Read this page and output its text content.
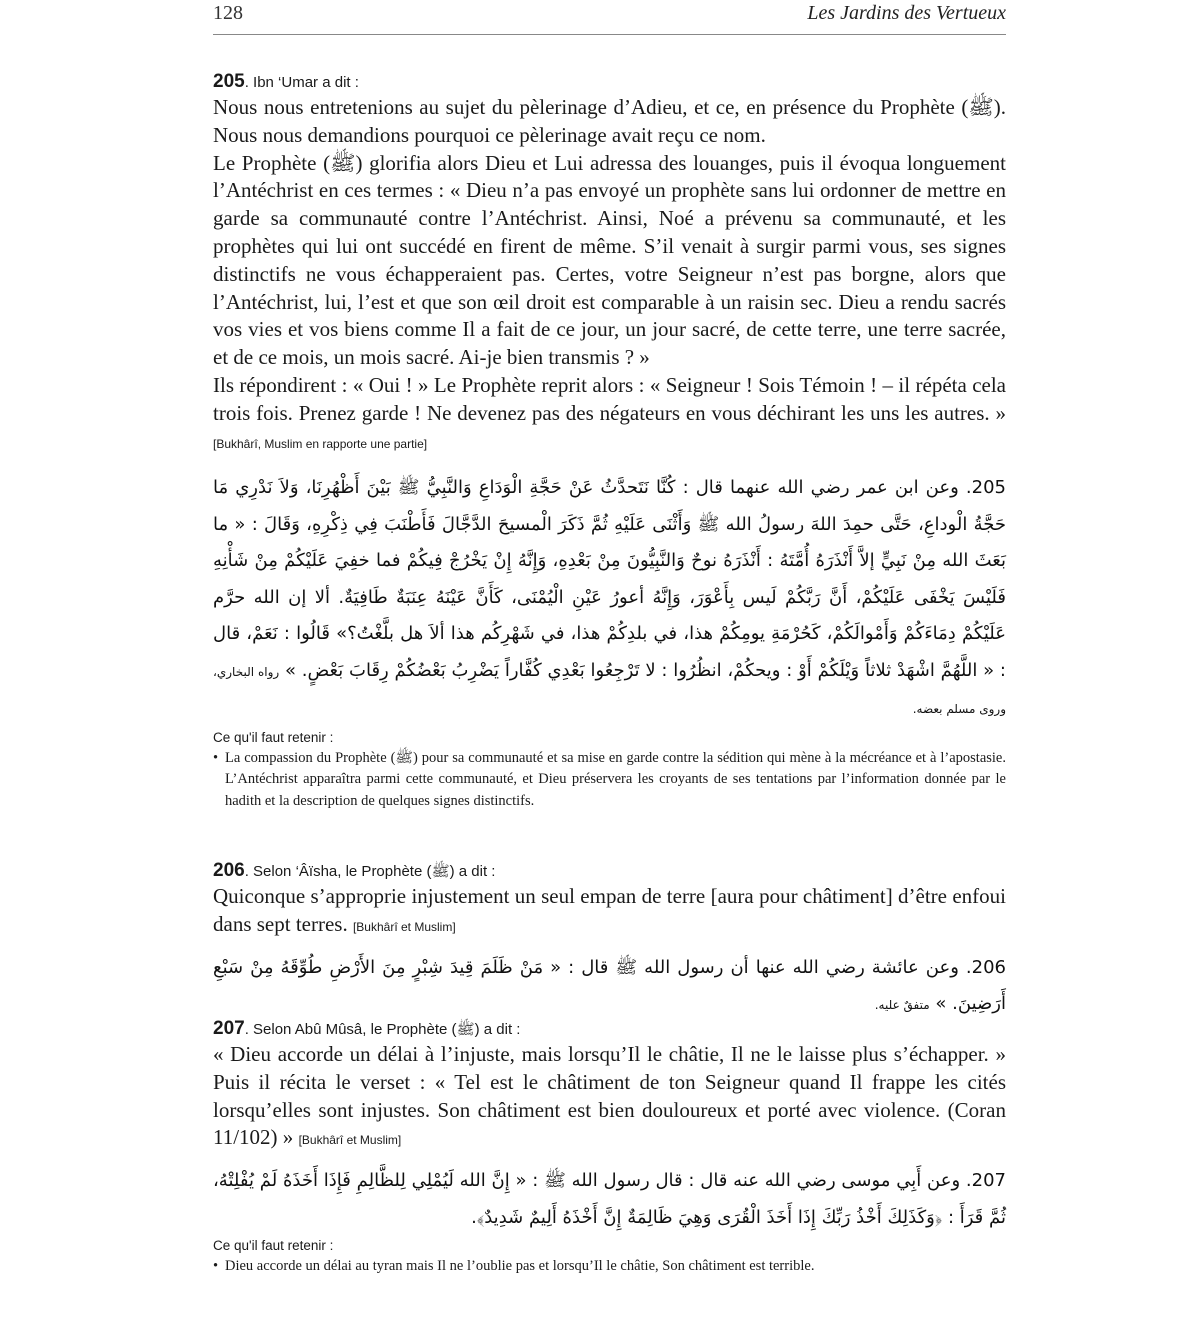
128	Les Jardins des Vertueux

205. Ibn ‘Umar a dit :

Nous nous entretenions au sujet du pèlerinage d’Adieu, et ce, en présence du Prophète (ﷺ). Nous nous demandions pourquoi ce pèlerinage avait reçu ce nom.

Le Prophète (ﷺ) glorifia alors Dieu et Lui adressa des louanges, puis il évoqua longuement l’Antéchrist en ces termes : « Dieu n’a pas envoyé un prophète sans lui ordonner de mettre en garde sa communauté contre l’Antéchrist. Ainsi, Noé a prévenu sa communauté, et les prophètes qui lui ont succédé en firent de même. S’il venait à surgir parmi vous, ses signes distinctifs ne vous échapperaient pas. Certes, votre Seigneur n’est pas borgne, alors que l’Antéchrist, lui, l’est et que son œil droit est comparable à un raisin sec. Dieu a rendu sacrés vos vies et vos biens comme Il a fait de ce jour, un jour sacré, de cette terre, une terre sacrée, et de ce mois, un mois sacré. Ai-je bien transmis ? »

Ils répondirent : « Oui ! » Le Prophète reprit alors : « Seigneur ! Sois Témoin ! – il répéta cela trois fois. Prenez garde ! Ne devenez pas des négateurs en vous déchirant les uns les autres. » [Bukhârî, Muslim en rapporte une partie]

205. وعن ابن عمر رضي الله عنهما قال : كُنَّا نَتَحدَّثُ عَنْ حَجَّةِ الْوَدَاعِ وَالنَّبِيُّ ﷺ بَيْنَ أَظْهُرِنَا، وَلاَ نَدْرِي مَا حَجَّةُ الْوداعِ، حَتَّى حمِدَ اللهَ رسولُ الله ﷺ وَأَثْنَى عَلَيْهِ ثُمَّ ذَكَرَ الْمسيحَ الدَّجَّالَ فَأَطْنَبَ فِي ذِكْرِهِ، وَقَالَ : « ما بَعَثَ الله مِنْ نَبِيٍّ إلاَّ أَنْذَرَهُ أُمَّتَهُ : أَنْذَرَهُ نوحٌ وَالنَّبِيُّونَ مِنْ بَعْدِهِ، وَإِنَّهُ إِنْ يَخْرُجْ فِيكُمْ فما خفِيَ عَلَيْكُمْ مِنْ شَأْنِهِ فَلَيْسَ يَخْفَى عَلَيْكُمْ، أَنَّ رَبَّكُمْ لَيس بِأَعْوَرَ، وَإِنَّهُ أعورُ عَيْنِ الْيُمْنَى، كَأَنَّ عَيْنَهُ عِنَبَةٌ طَافِيَةٌ. ألا إن الله حرَّم عَلَيْكُمْ دِمَاءَكُمْ وَأَمْوالَكُمْ، كَحُرْمَةِ يومِكُمْ هذا، في بلدِكُمْ هذا، في شَهْرِكُم هذا ألاَ هل بلَّغْتُ؟» قَالُوا : نَعَمْ، قال : « اللَّهُمَّ اشْهَدْ ثلاثاً وَيْلَكُمْ أَوْ : ويحكُمْ، انظُرُوا : لا تَرْجِعُوا بَعْدِي كُفَّاراً يَضْرِبُ بَعْضُكُمْ رِقَابَ بَعْضٍ. » رواه البخاري، وروى مسلم بعضه.

Ce qu'il faut retenir :

• La compassion du Prophète (ﷺ) pour sa communauté et sa mise en garde contre la sédition qui mène à la mécréance et à l’apostasie. L’Antéchrist apparaîtra parmi cette communauté, et Dieu préservera les croyants de ses tentations par l’information donnée par le hadith et la description de quelques signes distinctifs.

206. Selon ‘Âïsha, le Prophète (ﷺ) a dit :

Quiconque s’approprie injustement un seul empan de terre [aura pour châtiment] d’être enfoui dans sept terres. [Bukhârî et Muslim]

206. وعن عائشة رضي الله عنها أن رسول الله ﷺ قال : « مَنْ ظَلَمَ قِيدَ شِبْرٍ مِنَ الأَرْضِ طُوِّقَهُ مِنْ سَبْعِ أَرَضِينَ. » متفقٌ عليه.

207. Selon Abû Mûsâ, le Prophète (ﷺ) a dit :

« Dieu accorde un délai à l’injuste, mais lorsqu’Il le châtie, Il ne le laisse plus s’échapper. » Puis il récita le verset : « Tel est le châtiment de ton Seigneur quand Il frappe les cités lorsqu’elles sont injustes. Son châtiment est bien douloureux et porté avec violence. (Coran 11/102) » [Bukhârî et Muslim]

207. وعن أَبِي موسى رضي الله عنه قال : قال رسول الله ﷺ : « إِنَّ الله لَيُمْلِي لِلظَّالِمِ فَإِذَا أَخَذَهُ لَمْ يُفْلِتْهُ، ثُمَّ قَرَأَ : ﴿وَكَذَلِكَ أَخْذُ رَبِّكَ إِذَا أَخَذَ الْقُرَى وَهِيَ ظَالِمَةٌ إِنَّ أَخْذَهُ أَلِيمٌ شَدِيدٌ﴾.

Ce qu'il faut retenir :

• Dieu accorde un délai au tyran mais Il ne l’oublie pas et lorsqu’Il le châtie, Son châtiment est terrible.
